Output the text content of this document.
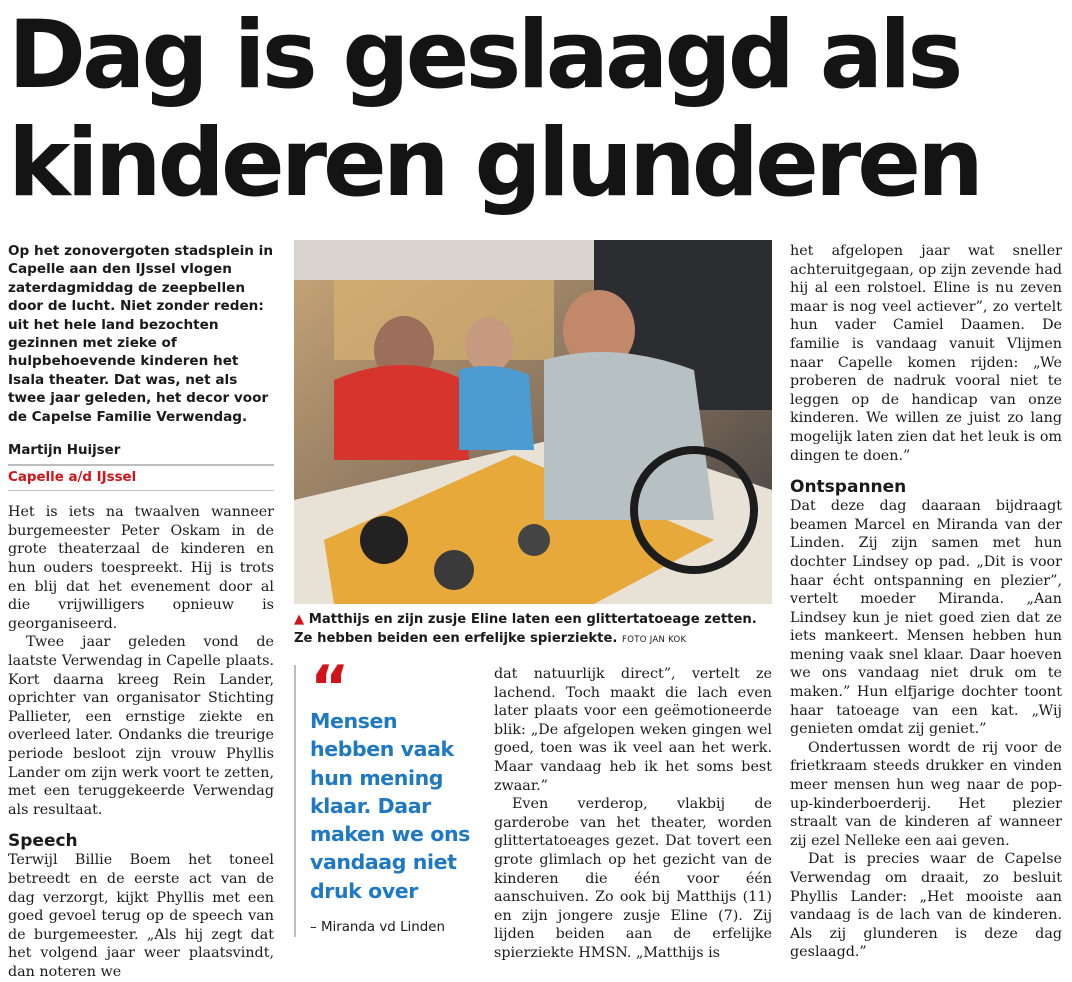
Dag is geslaagd als
kinderen glunderen

Op het zonovergoten stadsplein in Capelle aan den IJssel vlogen zaterdagmiddag de zeepbellen door de lucht. Niet zonder reden: uit het hele land bezochten gezinnen met zieke of hulpbehoevende kinderen het Isala theater. Dat was, net als twee jaar geleden, het decor voor de Capelse Familie Verwendag.

Martijn Huijser
Capelle a/d IJssel

Het is iets na twaalven wanneer burgemeester Peter Oskam in de grote theaterzaal de kinderen en hun ouders toespreekt. Hij is trots en blij dat het evenement door al die vrijwilligers opnieuw is georganiseerd.

Twee jaar geleden vond de laatste Verwendag in Capelle plaats. Kort daarna kreeg Rein Lander, oprichter van organisator Stichting Pallieter, een ernstige ziekte en overleed later. Ondanks die treurige periode besloot zijn vrouw Phyllis Lander om zijn werk voort te zetten, met een teruggekeerde Verwendag als resultaat.

Speech

Terwijl Billie Boem het toneel betreedt en de eerste act van de dag verzorgt, kijkt Phyllis met een goed gevoel terug op de speech van de burgemeester. „Als hij zegt dat het volgend jaar weer plaatsvindt, dan noteren we

▲ Matthijs en zijn zusje Eline laten een glittertatoeage zetten. Ze hebben beiden een erfelijke spierziekte. FOTO JAN KOK
“
Mensen hebben vaak hun mening klaar. Daar maken we ons vandaag niet druk over
– Miranda vd Linden

dat natuurlijk direct”, vertelt ze lachend. Toch maakt die lach even later plaats voor een geëmotioneerde blik: „De afgelopen weken gingen wel goed, toen was ik veel aan het werk. Maar vandaag heb ik het soms best zwaar.”

Even verderop, vlakbij de garderobe van het theater, worden glittertatoeages gezet. Dat tovert een grote glimlach op het gezicht van de kinderen die één voor één aanschuiven. Zo ook bij Matthijs (11) en zijn jongere zusje Eline (7). Zij lijden beiden aan de erfelijke spierziekte HMSN. „Matthijs is

het afgelopen jaar wat sneller achteruitgegaan, op zijn zevende had hij al een rolstoel. Eline is nu zeven maar is nog veel actiever”, zo vertelt hun vader Camiel Daamen. De familie is vandaag vanuit Vlijmen naar Capelle komen rijden: „We proberen de nadruk vooral niet te leggen op de handicap van onze kinderen. We willen ze juist zo lang mogelijk laten zien dat het leuk is om dingen te doen.”

Ontspannen

Dat deze dag daaraan bijdraagt beamen Marcel en Miranda van der Linden. Zij zijn samen met hun dochter Lindsey op pad. „Dit is voor haar écht ontspanning en plezier”, vertelt moeder Miranda. „Aan Lindsey kun je niet goed zien dat ze iets mankeert. Mensen hebben hun mening vaak snel klaar. Daar hoeven we ons vandaag niet druk om te maken.” Hun elfjarige dochter toont haar tatoeage van een kat. „Wij genieten omdat zij geniet.”

Ondertussen wordt de rij voor de frietkraam steeds drukker en vinden meer mensen hun weg naar de pop-up-kinderboerderij. Het plezier straalt van de kinderen af wanneer zij ezel Nelleke een aai geven.

Dat is precies waar de Capelse Verwendag om draait, zo besluit Phyllis Lander: „Het mooiste aan vandaag is de lach van de kinderen. Als zij glunderen is deze dag geslaagd.”
